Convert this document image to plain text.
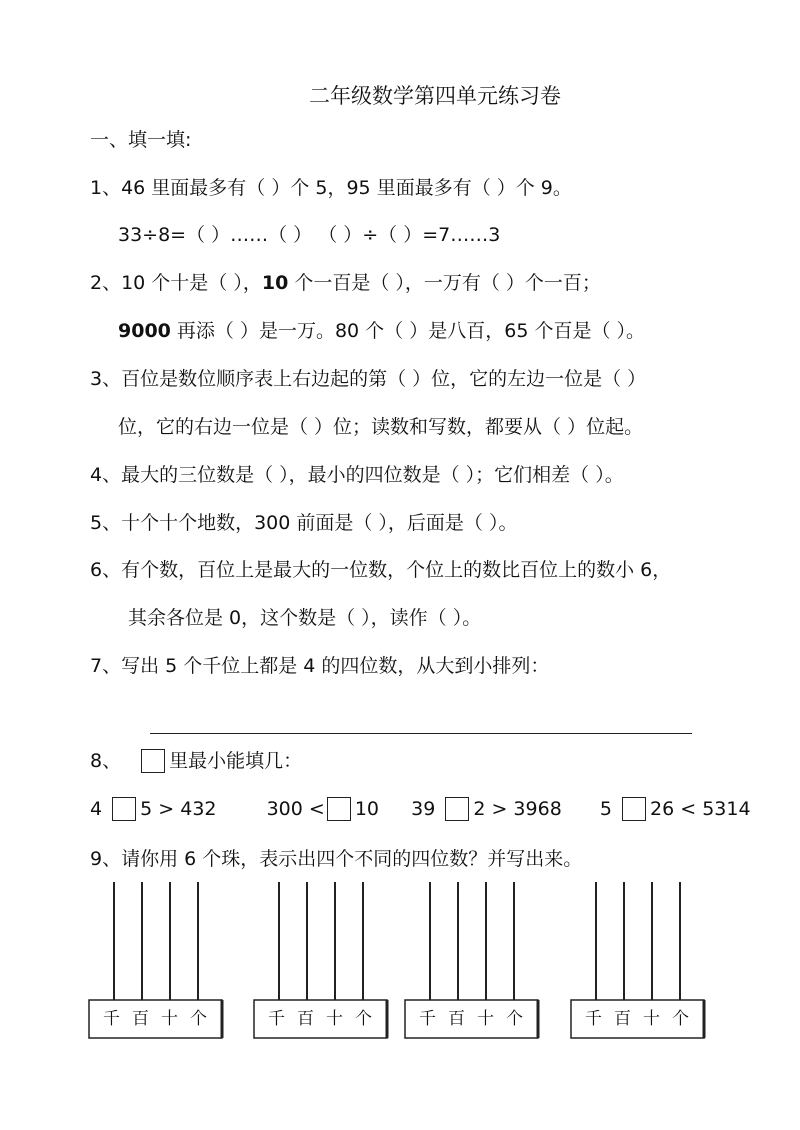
二年级数学第四单元练习卷
一、填一填:
1、46 里面最多有（ ）个 5，95 里面最多有（ ）个 9。
33÷8=（ ）……（ ） （ ）÷（ ）=7……3
2、10 个十是（ ），10 个一百是（ ），一万有（ ）个一百；
9000 再添（ ）是一万。80 个（ ）是八百，65 个百是（ ）。
3、百位是数位顺序表上右边起的第（ ）位，它的左边一位是（ ）
位，它的右边一位是（ ）位；读数和写数，都要从（ ）位起。
4、最大的三位数是（ ），最小的四位数是（ ）；它们相差（ ）。
5、十个十个地数，300 前面是（ ），后面是（ ）。
6、有个数，百位上是最大的一位数，个位上的数比百位上的数小 6，
其余各位是 0，这个数是（ ），读作（ ）。
7、写出 5 个千位上都是 4 的四位数，从大到小排列：
8、	里最小能填几：
4 5 > 432	300 < 10 39 2 > 3968 5 26 < 5314
9、请你用 6 个珠，表示出四个不同的四位数？并写出来。
千 百 十 个	千 百 十 个	千 百 十 个	千 百 十 个
